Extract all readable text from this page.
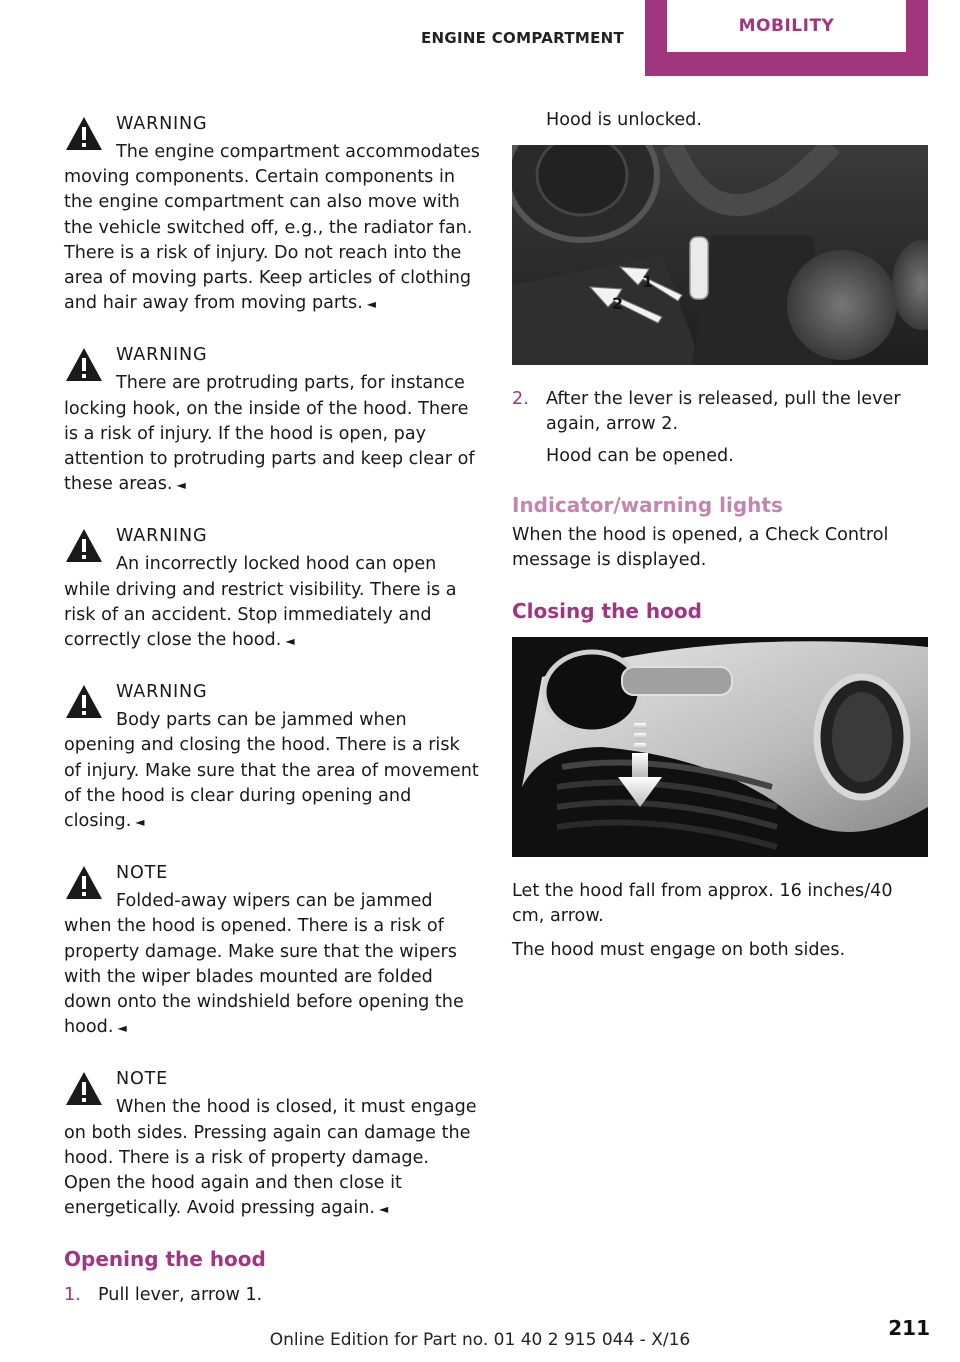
ENGINE COMPARTMENT
MOBILITY
WARNING
The engine compartment accommodates moving components. Certain components in the engine compartment can also move with the vehicle switched off, e.g., the radiator fan. There is a risk of injury. Do not reach into the area of moving parts. Keep articles of clothing and hair away from moving parts. ◄
WARNING
There are protruding parts, for instance locking hook, on the inside of the hood. There is a risk of injury. If the hood is open, pay attention to protruding parts and keep clear of these areas. ◄
WARNING
An incorrectly locked hood can open while driving and restrict visibility. There is a risk of an accident. Stop immediately and correctly close the hood. ◄
WARNING
Body parts can be jammed when opening and closing the hood. There is a risk of injury. Make sure that the area of movement of the hood is clear during opening and closing. ◄
NOTE
Folded-away wipers can be jammed when the hood is opened. There is a risk of property damage. Make sure that the wipers with the wiper blades mounted are folded down onto the windshield before opening the hood. ◄
NOTE
When the hood is closed, it must engage on both sides. Pressing again can damage the hood. There is a risk of property damage. Open the hood again and then close it energetically. Avoid pressing again. ◄
Opening the hood
1. Pull lever, arrow 1.
Hood is unlocked.
1
2
2. After the lever is released, pull the lever again, arrow 2.
Hood can be opened.
Indicator/warning lights
When the hood is opened, a Check Control message is displayed.
Closing the hood
Let the hood fall from approx. 16 inches/40 cm, arrow.
The hood must engage on both sides.
211
Online Edition for Part no. 01 40 2 915 044 - X/16
